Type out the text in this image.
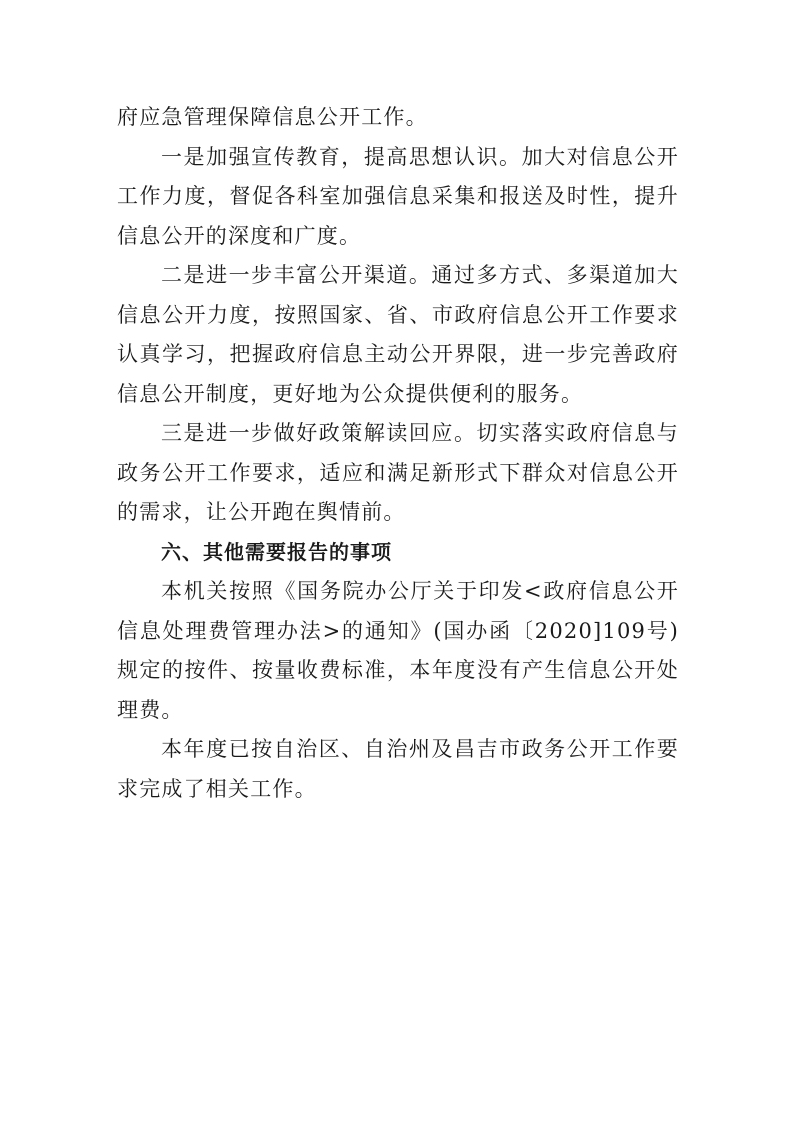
府应急管理保障信息公开工作。

一是加强宣传教育，提高思想认识。加大对信息公开工作力度，督促各科室加强信息采集和报送及时性，提升信息公开的深度和广度。

二是进一步丰富公开渠道。通过多方式、多渠道加大信息公开力度，按照国家、省、市政府信息公开工作要求认真学习，把握政府信息主动公开界限，进一步完善政府信息公开制度，更好地为公众提供便利的服务。

三是进一步做好政策解读回应。切实落实政府信息与政务公开工作要求，适应和满足新形式下群众对信息公开的需求，让公开跑在舆情前。

六、其他需要报告的事项

本机关按照《国务院办公厅关于印发<政府信息公开信息处理费管理办法>的通知》(国办函〔2020]109号)规定的按件、按量收费标准，本年度没有产生信息公开处理费。

本年度已按自治区、自治州及昌吉市政务公开工作要求完成了相关工作。
